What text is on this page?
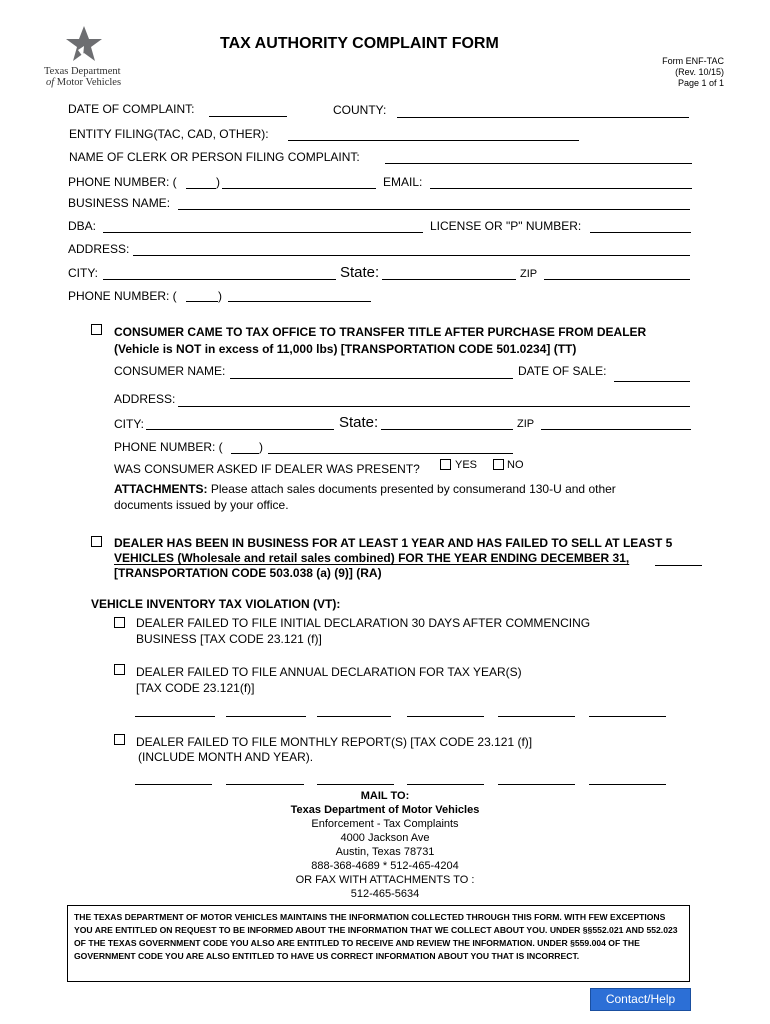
Texas Department
of Motor Vehicles
TAX AUTHORITY COMPLAINT FORM
Form ENF-TAC
(Rev. 10/15)
Page 1 of 1
DATE OF COMPLAINT:	COUNTY:
ENTITY FILING(TAC, CAD, OTHER):
NAME OF CLERK OR PERSON FILING COMPLAINT:
PHONE NUMBER: (	)	EMAIL:
BUSINESS NAME:
DBA:	LICENSE OR "P" NUMBER:
ADDRESS:
CITY:	State:	ZIP
PHONE NUMBER: (	)
CONSUMER CAME TO TAX OFFICE TO TRANSFER TITLE AFTER PURCHASE FROM DEALER
(Vehicle is NOT in excess of 11,000 lbs) [TRANSPORTATION CODE 501.0234] (TT)
CONSUMER NAME:	DATE OF SALE:
ADDRESS:
CITY:	State:	ZIP
PHONE NUMBER: (	)
WAS CONSUMER ASKED IF DEALER WAS PRESENT?	YES	NO
ATTACHMENTS: Please attach sales documents presented by consumerand 130-U and other
documents issued by your office.
DEALER HAS BEEN IN BUSINESS FOR AT LEAST 1 YEAR AND HAS FAILED TO SELL AT LEAST 5
VEHICLES (Wholesale and retail sales combined) FOR THE YEAR ENDING DECEMBER 31,
[TRANSPORTATION CODE 503.038 (a) (9)] (RA)
VEHICLE INVENTORY TAX VIOLATION (VT):
DEALER FAILED TO FILE INITIAL DECLARATION 30 DAYS AFTER COMMENCING
BUSINESS [TAX CODE 23.121 (f)]
DEALER FAILED TO FILE ANNUAL DECLARATION FOR TAX YEAR(S)
[TAX CODE 23.121(f)]
DEALER FAILED TO FILE MONTHLY REPORT(S) [TAX CODE 23.121 (f)]
(INCLUDE MONTH AND YEAR).
MAIL TO:
Texas Department of Motor Vehicles
Enforcement - Tax Complaints
4000 Jackson Ave
Austin, Texas 78731
888-368-4689 * 512-465-4204
OR FAX WITH ATTACHMENTS TO :
512-465-5634
THE TEXAS DEPARTMENT OF MOTOR VEHICLES MAINTAINS THE INFORMATION COLLECTED THROUGH THIS FORM. WITH FEW EXCEPTIONS YOU ARE ENTITLED ON REQUEST TO BE INFORMED ABOUT THE INFORMATION THAT WE COLLECT ABOUT YOU. UNDER §§552.021 AND 552.023 OF THE TEXAS GOVERNMENT CODE YOU ALSO ARE ENTITLED TO RECEIVE AND REVIEW THE INFORMATION. UNDER §559.004 OF THE GOVERNMENT CODE YOU ARE ALSO ENTITLED TO HAVE US CORRECT INFORMATION ABOUT YOU THAT IS INCORRECT.
Contact/Help
